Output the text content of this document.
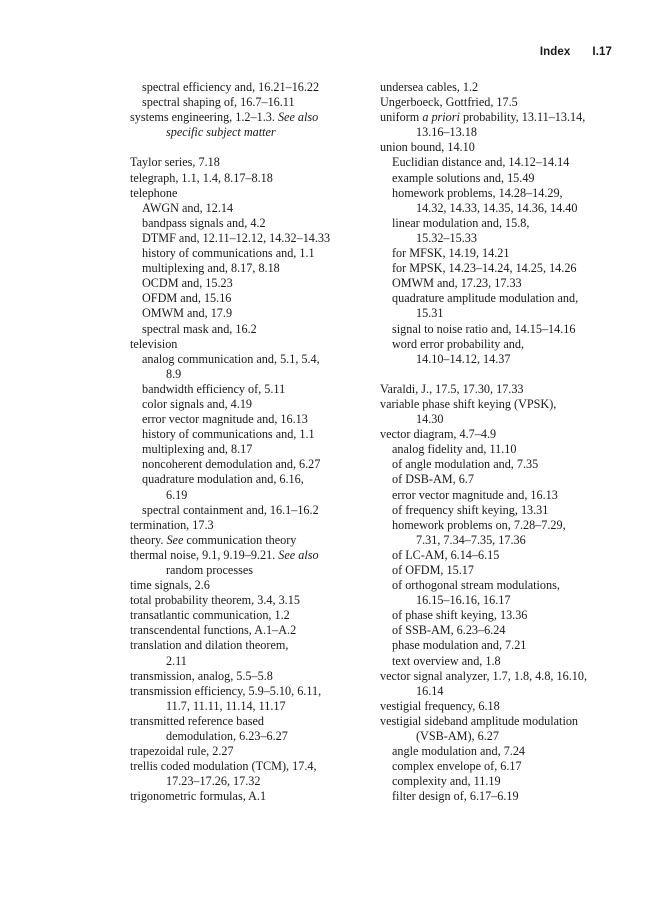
Index I.17
spectral efficiency and, 16.21–16.22
spectral shaping of, 16.7–16.11
systems engineering, 1.2–1.3. See also
specific subject matter
Taylor series, 7.18
telegraph, 1.1, 1.4, 8.17–8.18
telephone
AWGN and, 12.14
bandpass signals and, 4.2
DTMF and, 12.11–12.12, 14.32–14.33
history of communications and, 1.1
multiplexing and, 8.17, 8.18
OCDM and, 15.23
OFDM and, 15.16
OMWM and, 17.9
spectral mask and, 16.2
television
analog communication and, 5.1, 5.4,
8.9
bandwidth efficiency of, 5.11
color signals and, 4.19
error vector magnitude and, 16.13
history of communications and, 1.1
multiplexing and, 8.17
noncoherent demodulation and, 6.27
quadrature modulation and, 6.16,
6.19
spectral containment and, 16.1–16.2
termination, 17.3
theory. See communication theory
thermal noise, 9.1, 9.19–9.21. See also
random processes
time signals, 2.6
total probability theorem, 3.4, 3.15
transatlantic communication, 1.2
transcendental functions, A.1–A.2
translation and dilation theorem,
2.11
transmission, analog, 5.5–5.8
transmission efficiency, 5.9–5.10, 6.11,
11.7, 11.11, 11.14, 11.17
transmitted reference based
demodulation, 6.23–6.27
trapezoidal rule, 2.27
trellis coded modulation (TCM), 17.4,
17.23–17.26, 17.32
trigonometric formulas, A.1
undersea cables, 1.2
Ungerboeck, Gottfried, 17.5
uniform a priori probability, 13.11–13.14,
13.16–13.18
union bound, 14.10
Euclidian distance and, 14.12–14.14
example solutions and, 15.49
homework problems, 14.28–14.29,
14.32, 14.33, 14.35, 14.36, 14.40
linear modulation and, 15.8,
15.32–15.33
for MFSK, 14.19, 14.21
for MPSK, 14.23–14.24, 14.25, 14.26
OMWM and, 17.23, 17.33
quadrature amplitude modulation and,
15.31
signal to noise ratio and, 14.15–14.16
word error probability and,
14.10–14.12, 14.37
Varaldi, J., 17.5, 17.30, 17.33
variable phase shift keying (VPSK),
14.30
vector diagram, 4.7–4.9
analog fidelity and, 11.10
of angle modulation and, 7.35
of DSB-AM, 6.7
error vector magnitude and, 16.13
of frequency shift keying, 13.31
homework problems on, 7.28–7.29,
7.31, 7.34–7.35, 17.36
of LC-AM, 6.14–6.15
of OFDM, 15.17
of orthogonal stream modulations,
16.15–16.16, 16.17
of phase shift keying, 13.36
of SSB-AM, 6.23–6.24
phase modulation and, 7.21
text overview and, 1.8
vector signal analyzer, 1.7, 1.8, 4.8, 16.10,
16.14
vestigial frequency, 6.18
vestigial sideband amplitude modulation
(VSB-AM), 6.27
angle modulation and, 7.24
complex envelope of, 6.17
complexity and, 11.19
filter design of, 6.17–6.19
